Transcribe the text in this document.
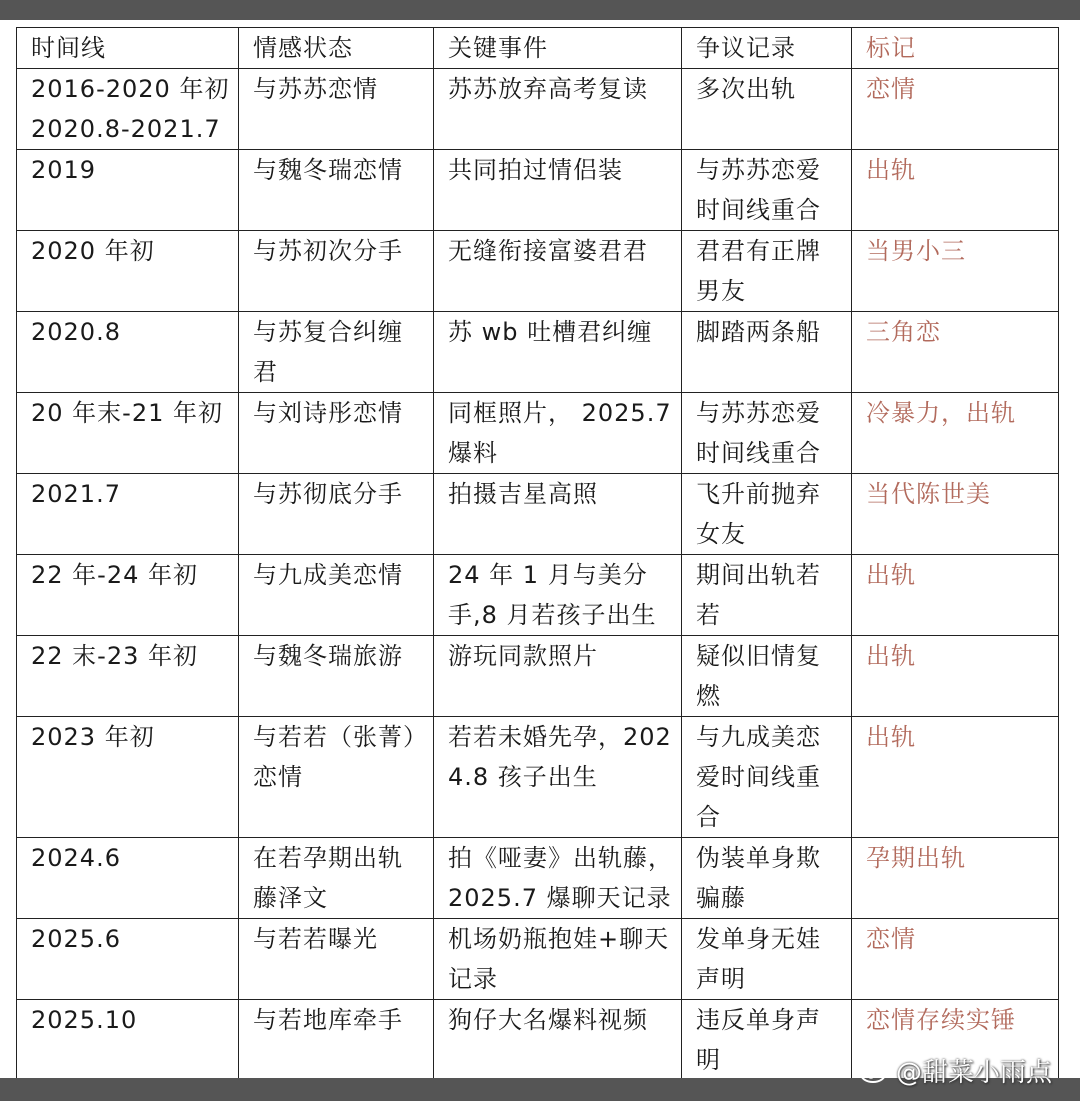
时间线	情感状态	关键事件	争议记录	标记
2016-2020 年初 2020.8-2021.7	与苏苏恋情	苏苏放弃高考复读	多次出轨	恋情
2019	与魏冬瑞恋情	共同拍过情侣装	与苏苏恋爱时间线重合	出轨
2020 年初	与苏初次分手	无缝衔接富婆君君	君君有正牌男友	当男小三
2020.8	与苏复合纠缠君	苏 wb 吐槽君纠缠	脚踏两条船	三角恋
20 年末-21 年初	与刘诗彤恋情	同框照片， 2025.7 爆料	与苏苏恋爱时间线重合	冷暴力，出轨
2021.7	与苏彻底分手	拍摄吉星高照	飞升前抛弃女友	当代陈世美
22 年-24 年初	与九成美恋情	24 年 1 月与美分手,8 月若孩子出生	期间出轨若若	出轨
22 末-23 年初	与魏冬瑞旅游	游玩同款照片	疑似旧情复燃	出轨
2023 年初	与若若（张菁）恋情	若若未婚先孕，2024.8 孩子出生	与九成美恋爱时间线重合	出轨
2024.6	在若孕期出轨藤泽文	拍《哑妻》出轨藤，2025.7 爆聊天记录	伪装单身欺骗藤	孕期出轨
2025.6	与若若曝光	机场奶瓶抱娃+聊天记录	发单身无娃声明	恋情
2025.10	与若地库牵手	狗仔大名爆料视频	违反单身声明	恋情存续实锤
@甜菜小雨点
